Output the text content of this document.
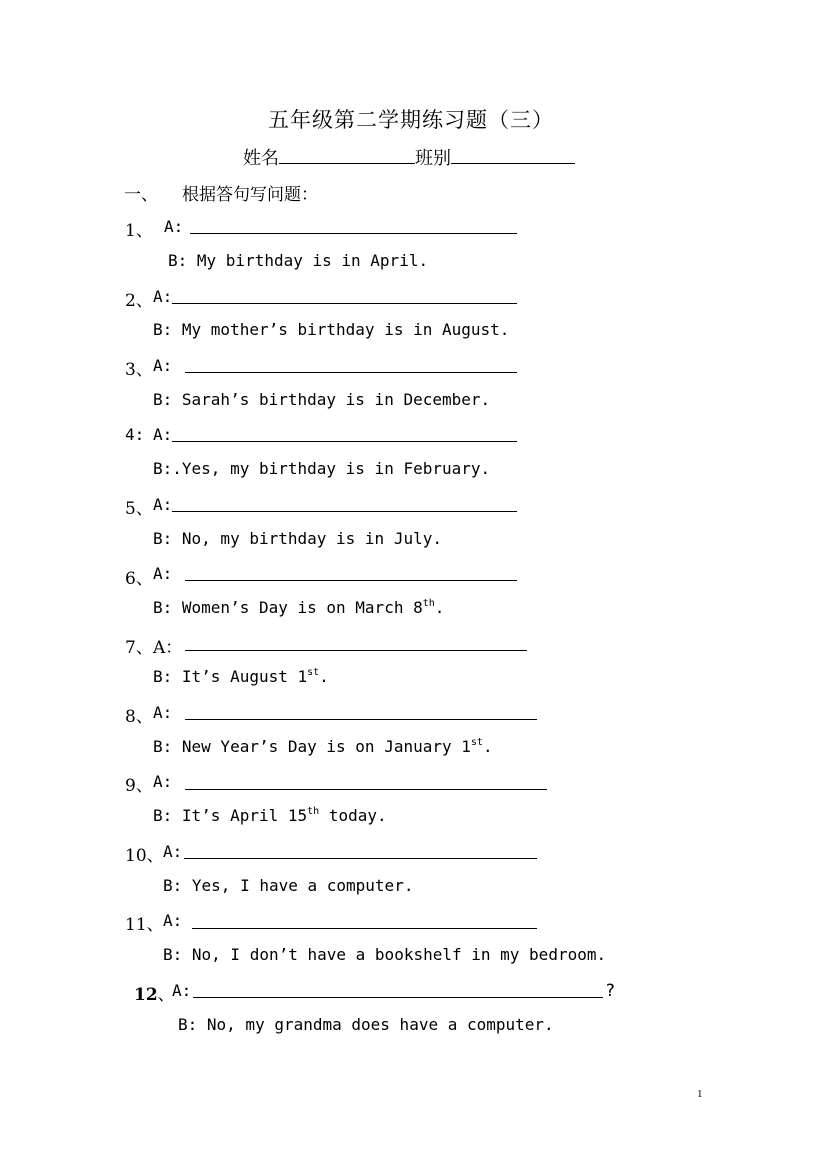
五年级第二学期练习题（三）
姓名	班别
一、 根据答句写问题：
1、 A:
B: My birthday is in April.
2、 A:
B: My mother’s birthday is in August.
3、 A:
B: Sarah’s birthday is in December.
4: A:
B:.Yes, my birthday is in February.
5、 A:
B: No, my birthday is in July.
6、 A:
B: Women’s Day is on March 8th.
7、 A：
B: It’s August 1st.
8、 A:
B: New Year’s Day is on January 1st.
9、 A:
B: It’s April 15th today.
10、 A:
B: Yes, I have a computer.
11、 A:
B: No, I don’t have a bookshelf in my bedroom.
12、
A:	?
B: No, my grandma does have a computer.
1
